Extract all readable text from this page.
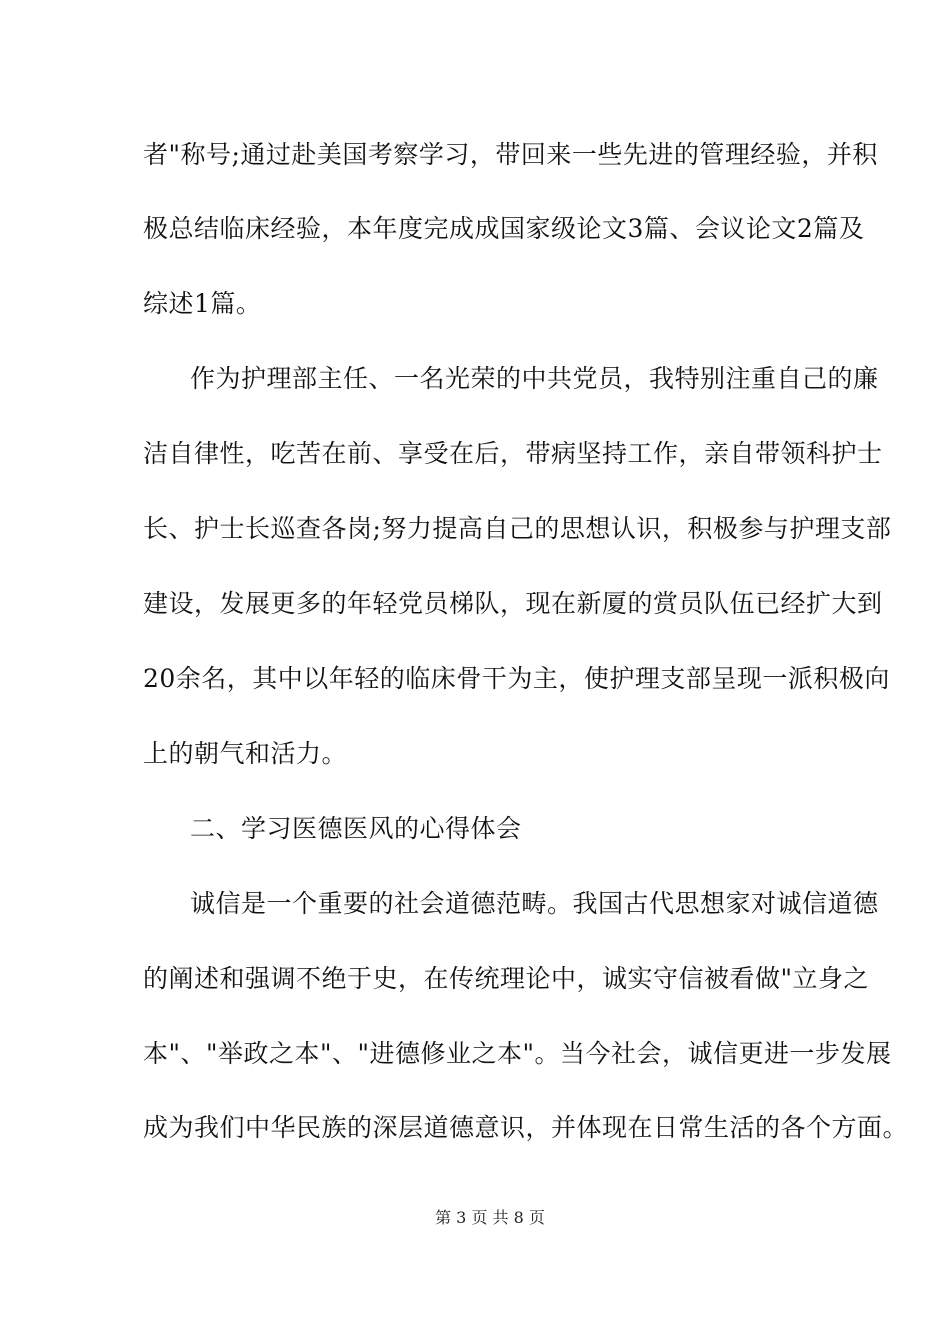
者"称号;通过赴美国考察学习，带回来一些先进的管理经验，并积
极总结临床经验，本年度完成成国家级论文3篇、会议论文2篇及
综述1篇。
作为护理部主任、一名光荣的中共党员，我特别注重自己的廉
洁自律性，吃苦在前、享受在后，带病坚持工作，亲自带领科护士
长、护士长巡查各岗;努力提高自己的思想认识，积极参与护理支部
建设，发展更多的年轻党员梯队，现在新厦的赏员队伍已经扩大到
20余名，其中以年轻的临床骨干为主，使护理支部呈现一派积极向
上的朝气和活力。
二、学习医德医风的心得体会
诚信是一个重要的社会道德范畴。我国古代思想家对诚信道德
的阐述和强调不绝于史，在传统理论中，诚实守信被看做"立身之
本"、"举政之本"、"进德修业之本"。当今社会，诚信更进一步发展
成为我们中华民族的深层道德意识，并体现在日常生活的各个方面。
第 3 页 共 8 页
